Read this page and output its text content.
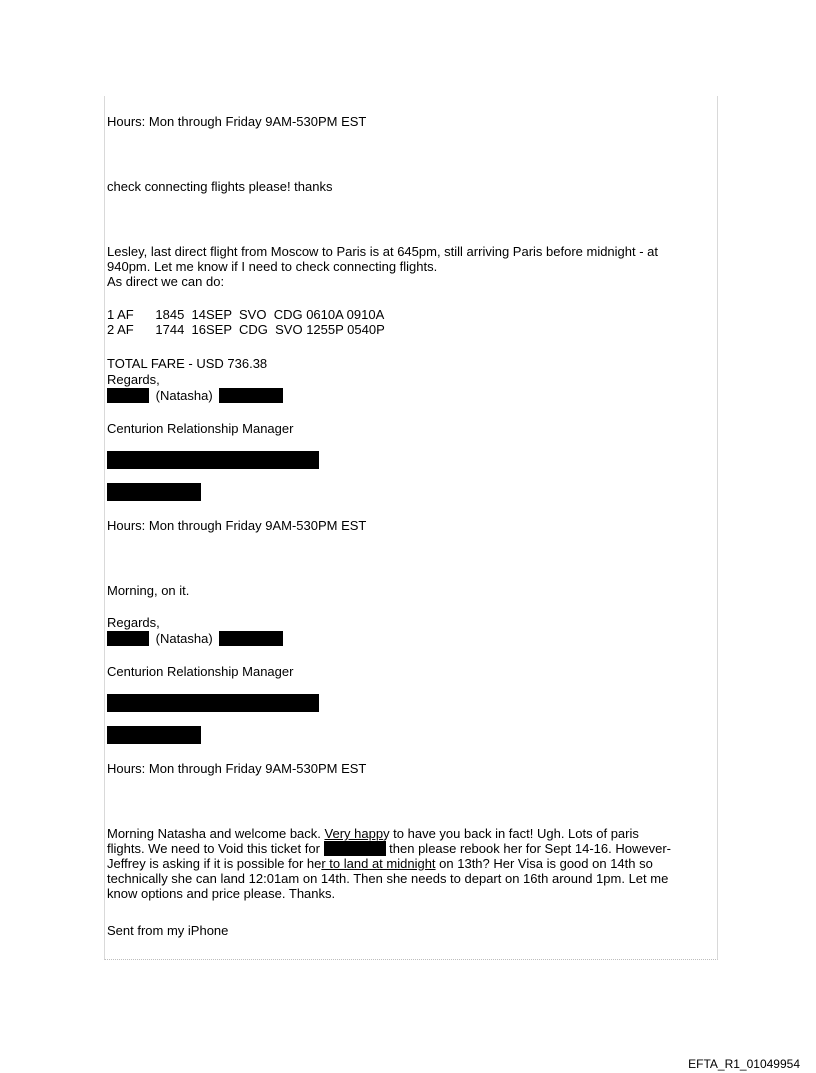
Hours: Mon through Friday 9AM-530PM EST
check connecting flights please! thanks
Lesley, last direct flight from Moscow to Paris is at 645pm, still arriving Paris before midnight - at
940pm. Let me know if I need to check connecting flights.
As direct we can do:
1 AF      1845  14SEP  SVO  CDG 0610A 0910A
2 AF      1744  16SEP  CDG  SVO 1255P 0540P
TOTAL FARE - USD 736.38
Regards,
(Natasha)
Centurion Relationship Manager
Hours: Mon through Friday 9AM-530PM EST
Morning, on it.
Regards,
(Natasha)
Centurion Relationship Manager
Hours: Mon through Friday 9AM-530PM EST
Morning Natasha and welcome back. Very happy to have you back in fact! Ugh. Lots of paris
flights. We need to Void this ticket for	then please rebook her for Sept 14-16. However-
Jeffrey is asking if it is possible for her to land at midnight on 13th? Her Visa is good on 14th so
technically she can land 12:01am on 14th. Then she needs to depart on 16th around 1pm. Let me
know options and price please. Thanks.
Sent from my iPhone
EFTA_R1_01049954
